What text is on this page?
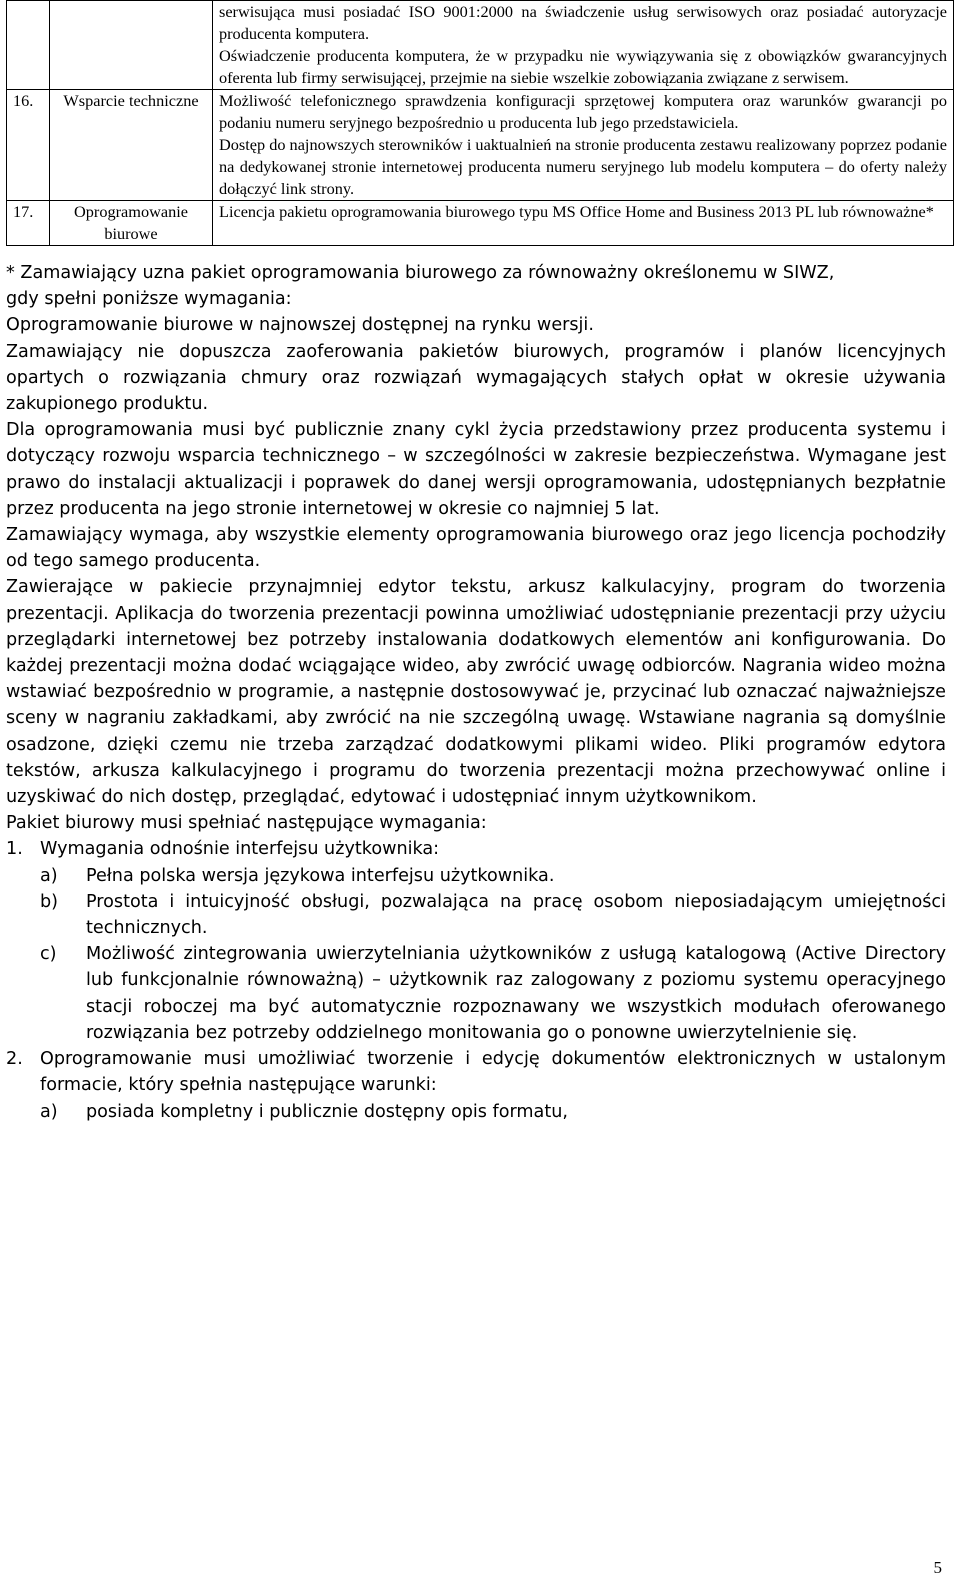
		serwisująca musi posiadać ISO 9001:2000 na świadczenie usług serwisowych oraz posiadać autoryzacje producenta komputera.

Oświadczenie producenta komputera, że w przypadku nie wywiązywania się z obowiązków gwarancyjnych oferenta lub firmy serwisującej, przejmie na siebie wszelkie zobowiązania związane z serwisem.

16.	Wsparcie techniczne	Możliwość telefonicznego sprawdzenia konfiguracji sprzętowej komputera oraz warunków gwarancji po podaniu numeru seryjnego bezpośrednio u producenta lub jego przedstawiciela.

Dostęp do najnowszych sterowników i uaktualnień na stronie producenta zestawu realizowany poprzez podanie na dedykowanej stronie internetowej producenta numeru seryjnego lub modelu komputera – do oferty należy dołączyć link strony.

17.	Oprogramowanie biurowe	Licencja pakietu oprogramowania biurowego typu MS Office Home and Business 2013 PL lub równoważne*

* Zamawiający uzna pakiet oprogramowania biurowego za równoważny określonemu w SIWZ,

gdy spełni poniższe wymagania:

Oprogramowanie biurowe w najnowszej dostępnej na rynku wersji.

Zamawiający nie dopuszcza zaoferowania pakietów biurowych, programów i planów licencyjnych opartych o rozwiązania chmury oraz rozwiązań wymagających stałych opłat w okresie używania zakupionego produktu.

Dla oprogramowania musi być publicznie znany cykl życia przedstawiony przez producenta systemu i dotyczący rozwoju wsparcia technicznego – w szczególności w zakresie bezpieczeństwa. Wymagane jest prawo do instalacji aktualizacji i poprawek do danej wersji oprogramowania, udostępnianych bezpłatnie przez producenta na jego stronie internetowej w okresie co najmniej 5 lat.

Zamawiający wymaga, aby wszystkie elementy oprogramowania biurowego oraz jego licencja pochodziły od tego samego producenta.

Zawierające w pakiecie przynajmniej edytor tekstu, arkusz kalkulacyjny, program do tworzenia prezentacji. Aplikacja do tworzenia prezentacji powinna umożliwiać udostępnianie prezentacji przy użyciu przeglądarki internetowej bez potrzeby instalowania dodatkowych elementów ani konfigurowania. Do każdej prezentacji można dodać wciągające wideo, aby zwrócić uwagę odbiorców. Nagrania wideo można wstawiać bezpośrednio w programie, a następnie dostosowywać je, przycinać lub oznaczać najważniejsze sceny w nagraniu zakładkami, aby zwrócić na nie szczególną uwagę. Wstawiane nagrania są domyślnie osadzone, dzięki czemu nie trzeba zarządzać dodatkowymi plikami wideo. Pliki programów edytora tekstów, arkusza kalkulacyjnego i programu do tworzenia prezentacji można przechowywać online i uzyskiwać do nich dostęp, przeglądać, edytować i udostępniać innym użytkownikom.

Pakiet biurowy musi spełniać następujące wymagania:

1. Wymagania odnośnie interfejsu użytkownika:
a)	Pełna polska wersja językowa interfejsu użytkownika.
b)	Prostota i intuicyjność obsługi, pozwalająca na pracę osobom nieposiadającym umiejętności technicznych.
c)	Możliwość zintegrowania uwierzytelniania użytkowników z usługą katalogową (Active Directory lub funkcjonalnie równoważną) – użytkownik raz zalogowany z poziomu systemu operacyjnego stacji roboczej ma być automatycznie rozpoznawany we wszystkich modułach oferowanego rozwiązania bez potrzeby oddzielnego monitowania go o ponowne uwierzytelnienie się.
2. Oprogramowanie musi umożliwiać tworzenie i edycję dokumentów elektronicznych w ustalonym formacie, który spełnia następujące warunki:
a)	posiada kompletny i publicznie dostępny opis formatu,
5
